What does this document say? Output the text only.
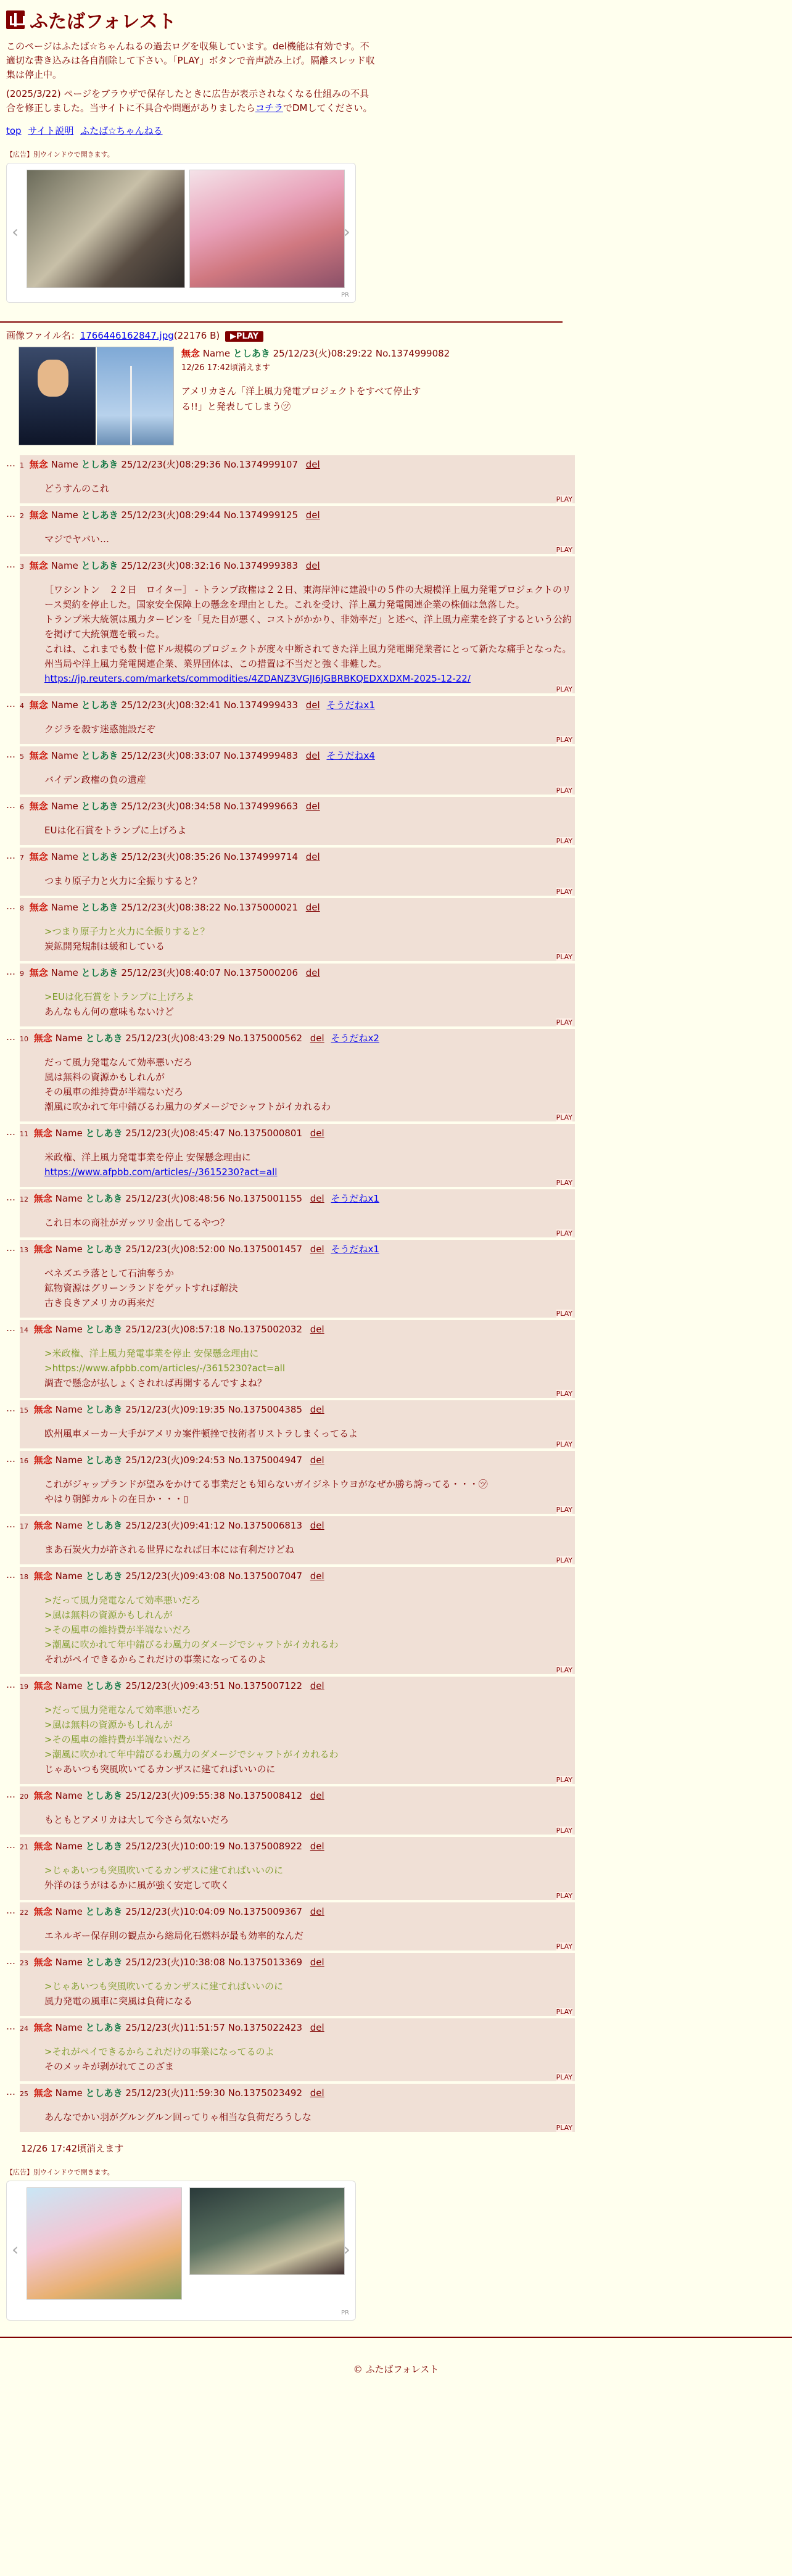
ふたばフォレスト

このページはふたば☆ちゃんねるの過去ログを収集しています。del機能は有効です。不適切な書き込みは各自削除して下さい。「PLAY」ボタンで音声読み上げ。隔離スレッド収集は停止中。

(2025/3/22) ページをブラウザで保存したときに広告が表示されなくなる仕組みの不具合を修正しました。当サイトに不具合や問題がありましたらコチラでDMしてください。

top サイト説明 ふたば☆ちゃんねる
【広告】別ウインドウで開きます。
‹	›
PR
画像ファイル名：1766446162847.jpg(22176 B) ▶PLAY
無念 Name としあき 25/12/23(火)08:29:22 No.1374999082
12/26 17:42頃消えます
アメリカさん「洋上風力発電プロジェクトをすべて停止する!!」と発表してしまう㋡
… 1 無念 Name としあき 25/12/23(火)08:29:36 No.1374999107 del
どうすんのこれ
PLAY
… 2 無念 Name としあき 25/12/23(火)08:29:44 No.1374999125 del
マジでヤバい…
PLAY
… 3 無念 Name としあき 25/12/23(火)08:32:16 No.1374999383 del
［ワシントン　２２日　ロイター］ - トランプ政権は２２日、東海岸沖に建設中の５件の大規模洋上風力発電プロジェクトのリース契約を停止した。国家安全保障上の懸念を理由とした。これを受け、洋上風力発電関連企業の株価は急落した。
トランプ米大統領は風力タービンを「見た目が悪く、コストがかかり、非効率だ」と述べ、洋上風力産業を終了するという公約を掲げて大統領選を戦った。
これは、これまでも数十億ドル規模のプロジェクトが度々中断されてきた洋上風力発電開発業者にとって新たな痛手となった。州当局や洋上風力発電関連企業、業界団体は、この措置は不当だと強く非難した。
https://jp.reuters.com/markets/commodities/4ZDANZ3VGJI6JGBRBKQEDXXDXM-2025-12-22/
PLAY
… 4 無念 Name としあき 25/12/23(火)08:32:41 No.1374999433 del そうだねx1
クジラを殺す迷惑施設だぞ
PLAY
… 5 無念 Name としあき 25/12/23(火)08:33:07 No.1374999483 del そうだねx4
バイデン政権の負の遺産
PLAY
… 6 無念 Name としあき 25/12/23(火)08:34:58 No.1374999663 del
EUは化石賞をトランプに上げろよ
PLAY
… 7 無念 Name としあき 25/12/23(火)08:35:26 No.1374999714 del
つまり原子力と火力に全振りすると？
PLAY
… 8 無念 Name としあき 25/12/23(火)08:38:22 No.1375000021 del
>つまり原子力と火力に全振りすると？
炭鉱開発規制は緩和している
PLAY
… 9 無念 Name としあき 25/12/23(火)08:40:07 No.1375000206 del
>EUは化石賞をトランプに上げろよ
あんなもん何の意味もないけど
PLAY
… 10 無念 Name としあき 25/12/23(火)08:43:29 No.1375000562 del そうだねx2
だって風力発電なんて効率悪いだろ
風は無料の資源かもしれんが
その風車の維持費が半端ないだろ
潮風に吹かれて年中錆びるわ風力のダメージでシャフトがイカれるわ
PLAY
… 11 無念 Name としあき 25/12/23(火)08:45:47 No.1375000801 del
米政権、洋上風力発電事業を停止 安保懸念理由に
https://www.afpbb.com/articles/-/3615230?act=all
PLAY
… 12 無念 Name としあき 25/12/23(火)08:48:56 No.1375001155 del そうだねx1
これ日本の商社がガッツリ金出してるやつ？
PLAY
… 13 無念 Name としあき 25/12/23(火)08:52:00 No.1375001457 del そうだねx1
ベネズエラ落として石油奪うか
鉱物資源はグリーンランドをゲットすれば解決
古き良きアメリカの再来だ
PLAY
… 14 無念 Name としあき 25/12/23(火)08:57:18 No.1375002032 del
>米政権、洋上風力発電事業を停止 安保懸念理由に
>https://www.afpbb.com/articles/-/3615230?act=all
調査で懸念が払しょくされれば再開するんですよね？
PLAY
… 15 無念 Name としあき 25/12/23(火)09:19:35 No.1375004385 del
欧州風車メーカー大手がアメリカ案件頓挫で技術者リストラしまくってるよ
PLAY
… 16 無念 Name としあき 25/12/23(火)09:24:53 No.1375004947 del
これがジャップランドが望みをかけてる事業だとも知らないガイジネトウヨがなぜか勝ち誇ってる・・・㋡
やはり朝鮮カルトの在日か・・・▯
PLAY
… 17 無念 Name としあき 25/12/23(火)09:41:12 No.1375006813 del
まあ石炭火力が許される世界になれば日本には有利だけどね
PLAY
… 18 無念 Name としあき 25/12/23(火)09:43:08 No.1375007047 del
>だって風力発電なんて効率悪いだろ
>風は無料の資源かもしれんが
>その風車の維持費が半端ないだろ
>潮風に吹かれて年中錆びるわ風力のダメージでシャフトがイカれるわ
それがペイできるからこれだけの事業になってるのよ
PLAY
… 19 無念 Name としあき 25/12/23(火)09:43:51 No.1375007122 del
>だって風力発電なんて効率悪いだろ
>風は無料の資源かもしれんが
>その風車の維持費が半端ないだろ
>潮風に吹かれて年中錆びるわ風力のダメージでシャフトがイカれるわ
じゃあいつも突風吹いてるカンザスに建てればいいのに
PLAY
… 20 無念 Name としあき 25/12/23(火)09:55:38 No.1375008412 del
もともとアメリカは大して今さら気ないだろ
PLAY
… 21 無念 Name としあき 25/12/23(火)10:00:19 No.1375008922 del
>じゃあいつも突風吹いてるカンザスに建てればいいのに
外洋のほうがはるかに風が強く安定して吹く
PLAY
… 22 無念 Name としあき 25/12/23(火)10:04:09 No.1375009367 del
エネルギー保存則の観点から総局化石燃料が最も効率的なんだ
PLAY
… 23 無念 Name としあき 25/12/23(火)10:38:08 No.1375013369 del
>じゃあいつも突風吹いてるカンザスに建てればいいのに
風力発電の風車に突風は負荷になる
PLAY
… 24 無念 Name としあき 25/12/23(火)11:51:57 No.1375022423 del
>それがペイできるからこれだけの事業になってるのよ
そのメッキが剥がれてこのざま
PLAY
… 25 無念 Name としあき 25/12/23(火)11:59:30 No.1375023492 del
あんなでかい羽がグルングルン回ってりゃ相当な負荷だろうしな
PLAY
12/26 17:42頃消えます
【広告】別ウインドウで開きます。
‹	›
PR
© ふたばフォレスト
